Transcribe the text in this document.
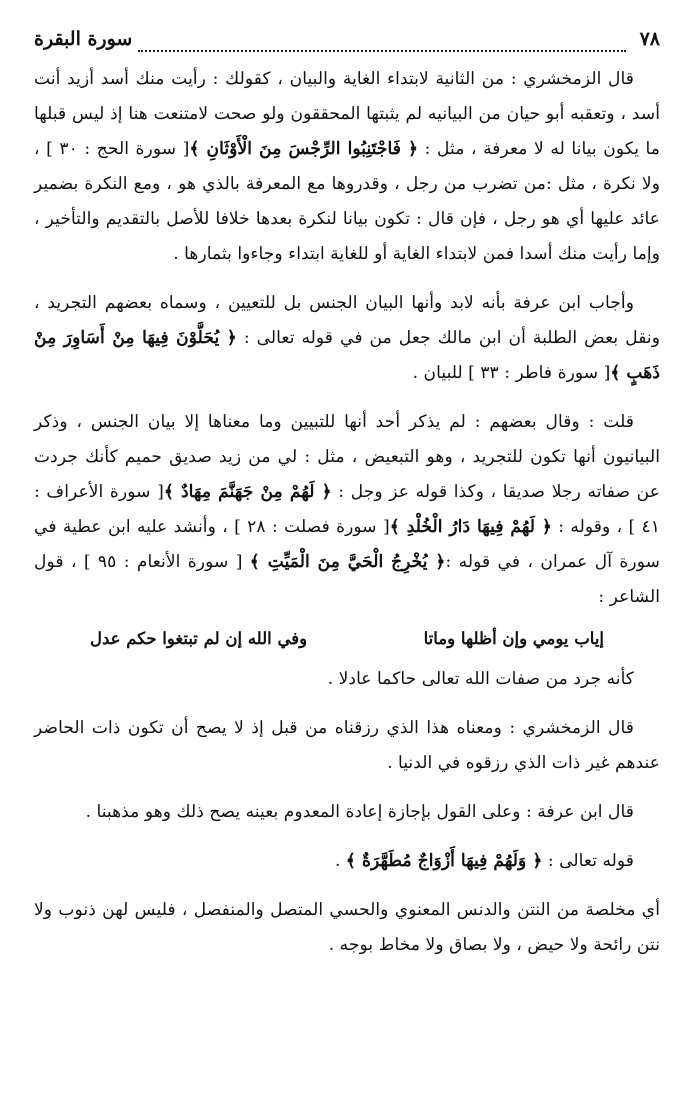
٧٨
سورة البقرة

قال الزمخشري : من الثانية لابتداء الغاية والبيان ، كقولك : رأيت منك أسد أزيد أنت أسد ، وتعقبه أبو حيان من البيانيه لم يثبتها المحققون ولو صحت لامتنعت هنا إذ ليس قبلها ما يكون بيانا له لا معرفة ، مثل : ﴿ فَاجْتَنِبُوا الرِّجْسَ مِنَ الْأَوْثَانِ ﴾[ سورة الحج : ٣٠ ] ، ولا نكرة ، مثل :من تضرب من رجل ، وقدروها مع المعرفة بالذي هو ، ومع النكرة بضمير عائد عليها أي هو رجل ، فإن قال : تكون بيانا لنكرة بعدها خلافا للأصل بالتقديم والتأخير ، وإما رأيت منك أسدا فمن لابتداء الغاية أو للغاية ابتداء وجاءوا بثمارها .

وأجاب ابن عرفة بأنه لابد وأنها البيان الجنس بل للتعيين ، وسماه بعضهم التجريد ، ونقل بعض الطلبة أن ابن مالك جعل من في قوله تعالى : ﴿ يُحَلَّوْنَ فِيهَا مِنْ أَسَاوِرَ مِنْ ذَهَبٍ ﴾[ سورة فاطر : ٣٣ ] للبيان .

قلت : وقال بعضهم : لم يذكر أحد أنها للتبيين وما معناها إلا بيان الجنس ، وذكر البيانيون أنها تكون للتجريد ، وهو التبعيض ، مثل : لي من زيد صديق حميم كأنك جردت عن صفاته رجلا صديقا ، وكذا قوله عز وجل : ﴿ لَهُمْ مِنْ جَهَنَّمَ مِهَادٌ ﴾[ سورة الأعراف : ٤١ ] ، وقوله : ﴿ لَهُمْ فِيهَا دَارُ الْخُلْدِ ﴾[ سورة فصلت : ٢٨ ] ، وأنشد عليه ابن عطية في سورة آل عمران ، في قوله :﴿ يُخْرِجُ الْحَيَّ مِنَ الْمَيِّتِ ﴾ [ سورة الأنعام : ٩٥ ] ، قول الشاعر :

إياب يومي وإن أظلها وماتا
وفي الله إن لم تبتغوا حكم عدل

كأنه جرد من صفات الله تعالى حاكما عادلا .

قال الزمخشري : ومعناه هذا الذي رزقناه من قبل إذ لا يصح أن تكون ذات الحاضر عندهم غير ذات الذي رزقوه في الدنيا .

قال ابن عرفة : وعلى القول بإجازة إعادة المعدوم بعينه يصح ذلك وهو مذهبنا .

قوله تعالى : ﴿ وَلَهُمْ فِيهَا أَزْوَاجٌ مُطَهَّرَةٌ ﴾ .

أي مخلصة من النتن والدنس المعنوي والحسي المتصل والمنفصل ، فليس لهن ذنوب ولا نتن رائحة ولا حيض ، ولا بصاق ولا مخاط بوجه .
